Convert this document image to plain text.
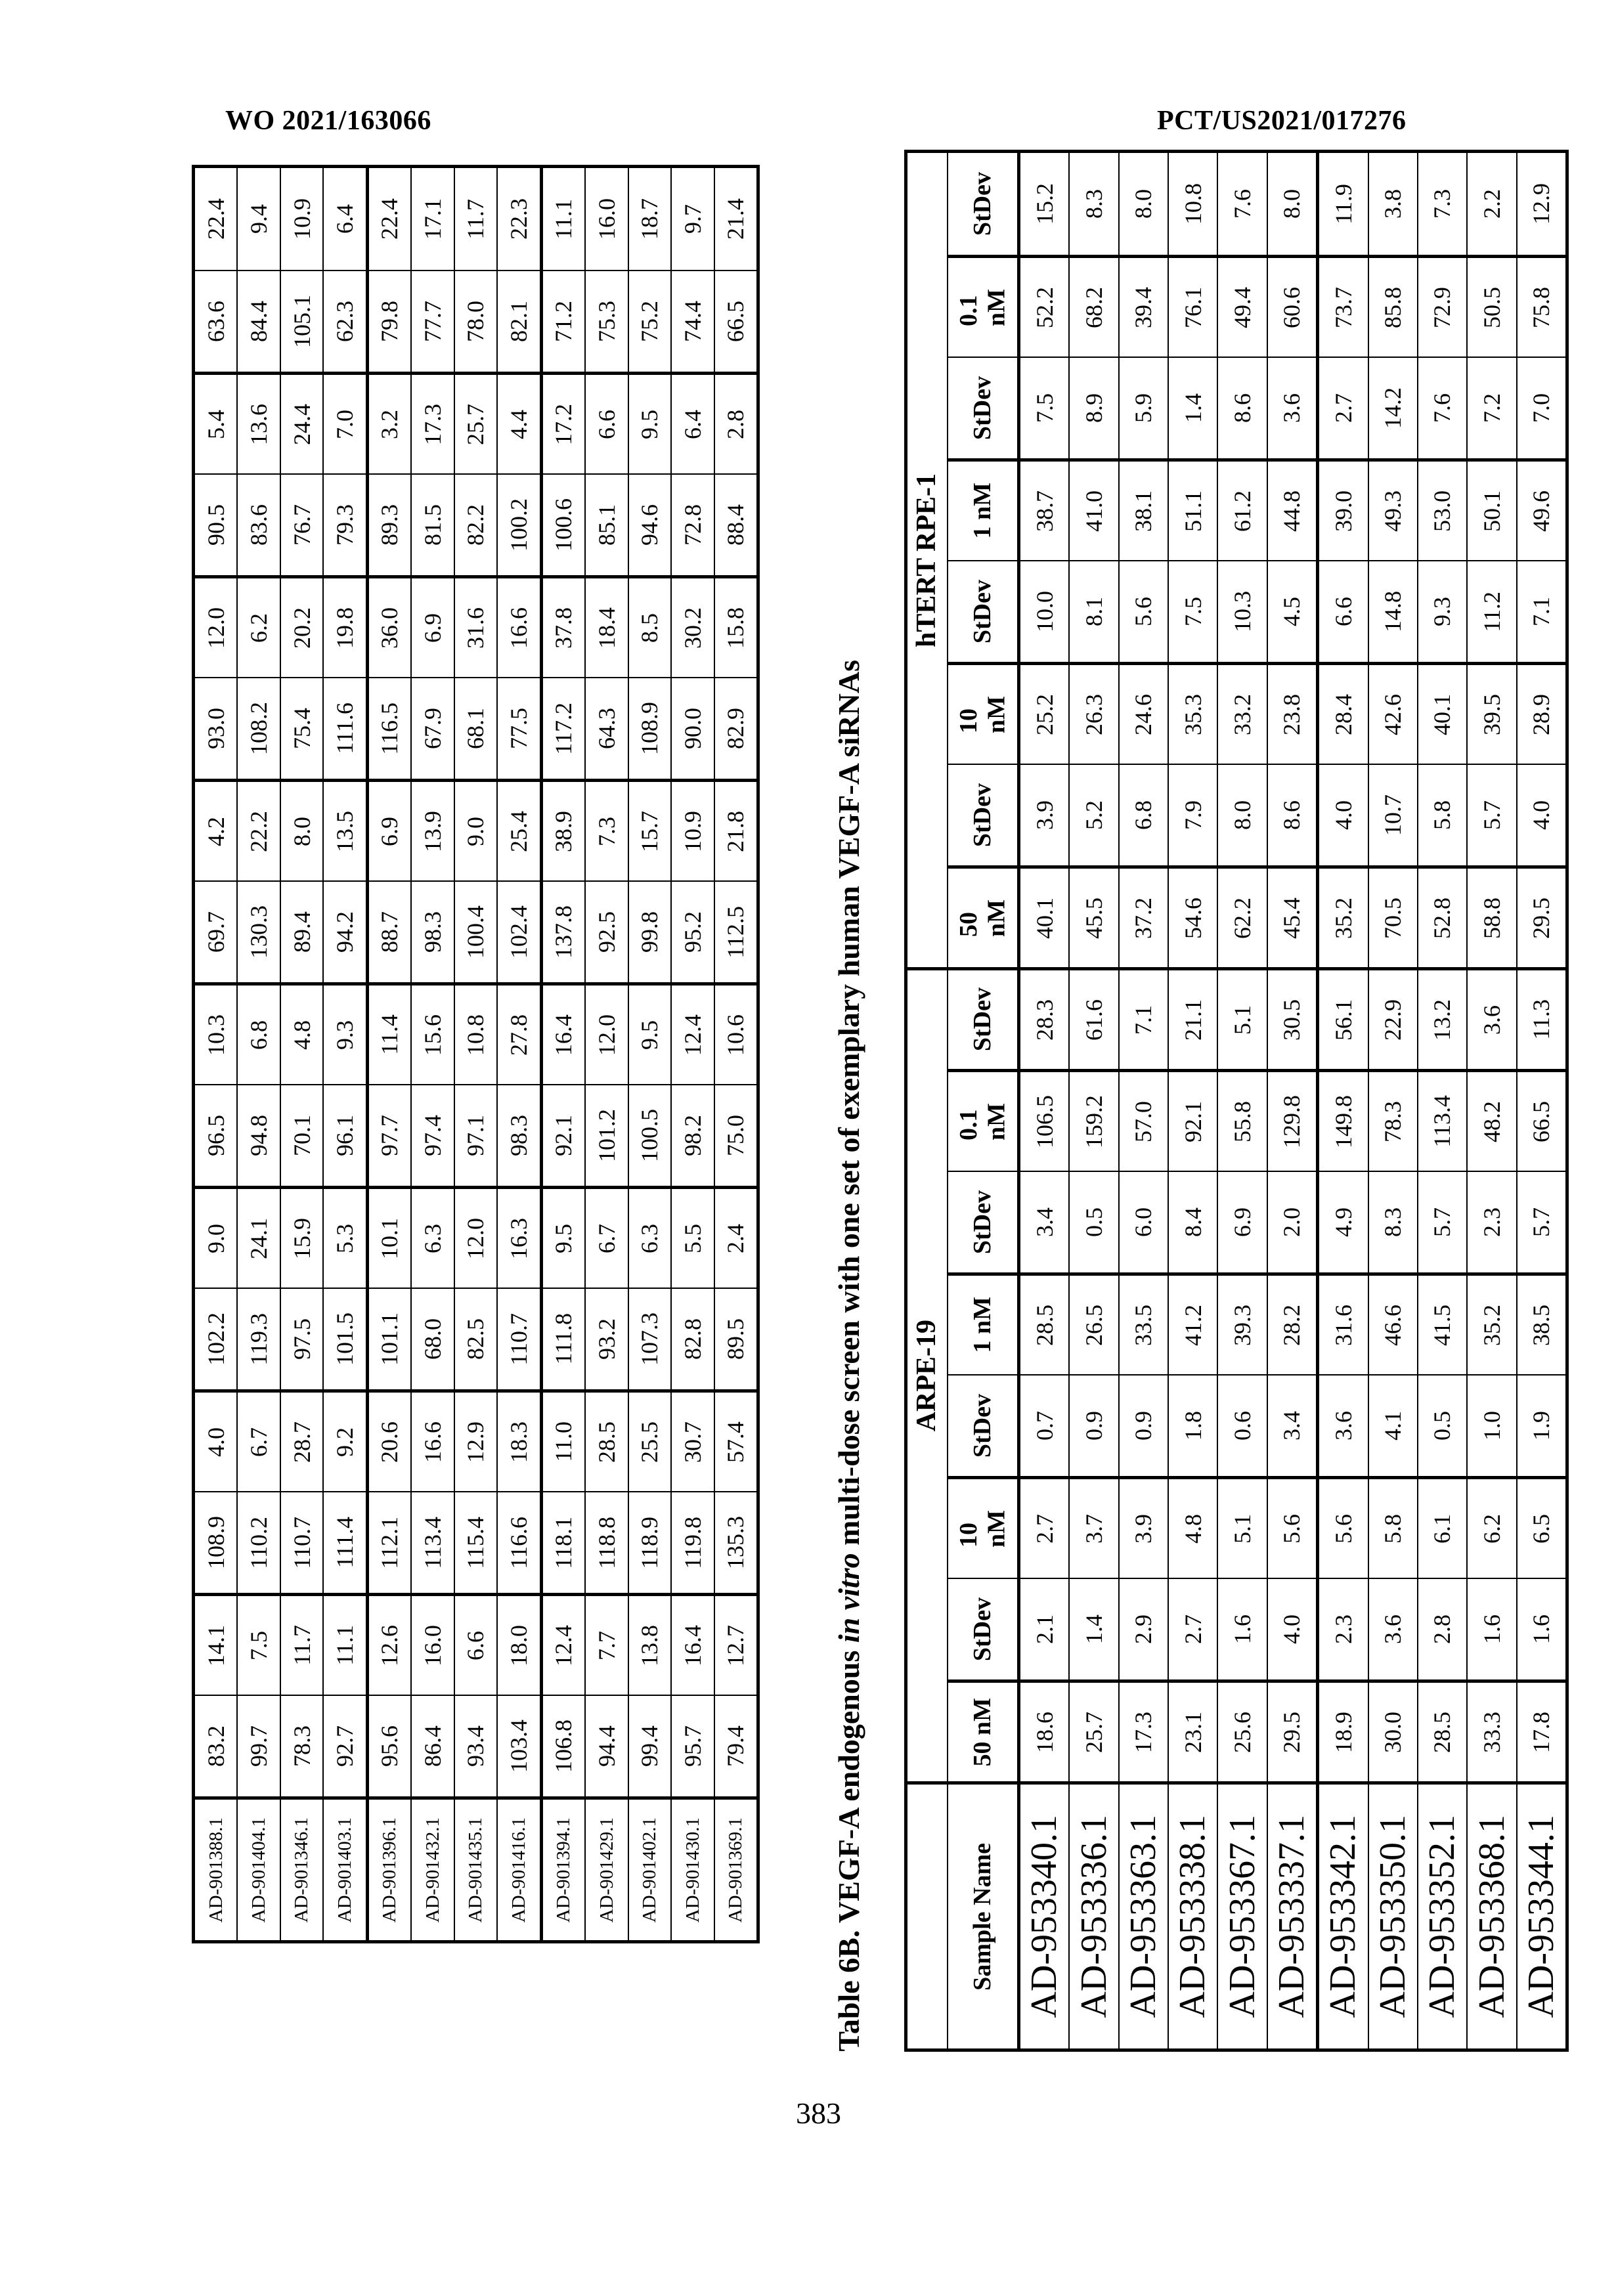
WO 2021/163066	PCT/US2021/017276
22.4 9.4 10.9 6.4 22.4 17.1 11.7 22.3 11.1 16.0 18.7 9.7 21.4
63.6 84.4 105.1 62.3 79.8 77.7 78.0 82.1 71.2 75.3 75.2 74.4 66.5
5.4 13.6 24.4 7.0 3.2 17.3 25.7 4.4 17.2 6.6 9.5 6.4 2.8
90.5 83.6 76.7 79.3 89.3 81.5 82.2 100.2 100.6 85.1 94.6 72.8 88.4
12.0 6.2 20.2 19.8 36.0 6.9 31.6 16.6 37.8 18.4 8.5 30.2 15.8
93.0 108.2 75.4 111.6 116.5 67.9 68.1 77.5 117.2 64.3 108.9 90.0 82.9
4.2 22.2 8.0 13.5 6.9 13.9 9.0 25.4 38.9 7.3 15.7 10.9 21.8
69.7 130.3 89.4 94.2 88.7 98.3 100.4 102.4 137.8 92.5 99.8 95.2 112.5
10.3 6.8 4.8 9.3 11.4 15.6 10.8 27.8 16.4 12.0 9.5 12.4 10.6
96.5 94.8 70.1 96.1 97.7 97.4 97.1 98.3 92.1 101.2 100.5 98.2 75.0
9.0 24.1 15.9 5.3 10.1 6.3 12.0 16.3 9.5 6.7 6.3 5.5 2.4
102.2 119.3 97.5 101.5 101.1 68.0 82.5 110.7 111.8 93.2 107.3 82.8 89.5
4.0 6.7 28.7 9.2 20.6 16.6 12.9 18.3 11.0 28.5 25.5 30.7 57.4
108.9 110.2 110.7 111.4 112.1 113.4 115.4 116.6 118.1 118.8 118.9 119.8 135.3
14.1 7.5 11.7 11.1 12.6 16.0 6.6 18.0 12.4 7.7 13.8 16.4 12.7
83.2 99.7 78.3 92.7 95.6 86.4 93.4 103.4 106.8 94.4 99.4 95.7 79.4
AD-901388.1 AD-901404.1 AD-901346.1 AD-901403.1 AD-901396.1 AD-901432.1 AD-901435.1 AD-901416.1 AD-901394.1 AD-901429.1 AD-901402.1 AD-901430.1 AD-901369.1	Table 6B. VEGF-A endogenous in vitro multi-dose screen with one set of exemplary human VEGF-A siRNAs
hTERT RPE-1
ARPE-19
StDev 15.2 8.3 8.0 10.8 7.6 8.0 11.9 3.8 7.3 2.2 12.9
0.1
nM 52.2 68.2 39.4 76.1 49.4 60.6 73.7 85.8 72.9 50.5 75.8
StDev 7.5 8.9 5.9 1.4 8.6 3.6 2.7 14.2 7.6 7.2 7.0
1 nM 38.7 41.0 38.1 51.1 61.2 44.8 39.0 49.3 53.0 50.1 49.6
StDev 10.0 8.1 5.6 7.5 10.3 4.5 6.6 14.8 9.3 11.2 7.1
10
nM 25.2 26.3 24.6 35.3 33.2 23.8 28.4 42.6 40.1 39.5 28.9
StDev 3.9 5.2 6.8 7.9 8.0 8.6 4.0 10.7 5.8 5.7 4.0
50
nM 40.1 45.5 37.2 54.6 62.2 45.4 35.2 70.5 52.8 58.8 29.5
StDev 28.3 61.6 7.1 21.1 5.1 30.5 56.1 22.9 13.2 3.6 11.3
0.1
nM 106.5 159.2 57.0 92.1 55.8 129.8 149.8 78.3 113.4 48.2 66.5
StDev 3.4 0.5 6.0 8.4 6.9 2.0 4.9 8.3 5.7 2.3 5.7
1 nM 28.5 26.5 33.5 41.2 39.3 28.2 31.6 46.6 41.5 35.2 38.5
StDev 0.7 0.9 0.9 1.8 0.6 3.4 3.6 4.1 0.5 1.0 1.9
10
nM 2.7 3.7 3.9 4.8 5.1 5.6 5.6 5.8 6.1 6.2 6.5
StDev 2.1 1.4 2.9 2.7 1.6 4.0 2.3 3.6 2.8 1.6 1.6
50 nM 18.6 25.7 17.3 23.1 25.6 29.5 18.9 30.0 28.5 33.3 17.8
Sample Name AD-953340.1 AD-953336.1 AD-953363.1 AD-953338.1 AD-953367.1 AD-953337.1 AD-953342.1 AD-953350.1 AD-953352.1 AD-953368.1 AD-953344.1
383
